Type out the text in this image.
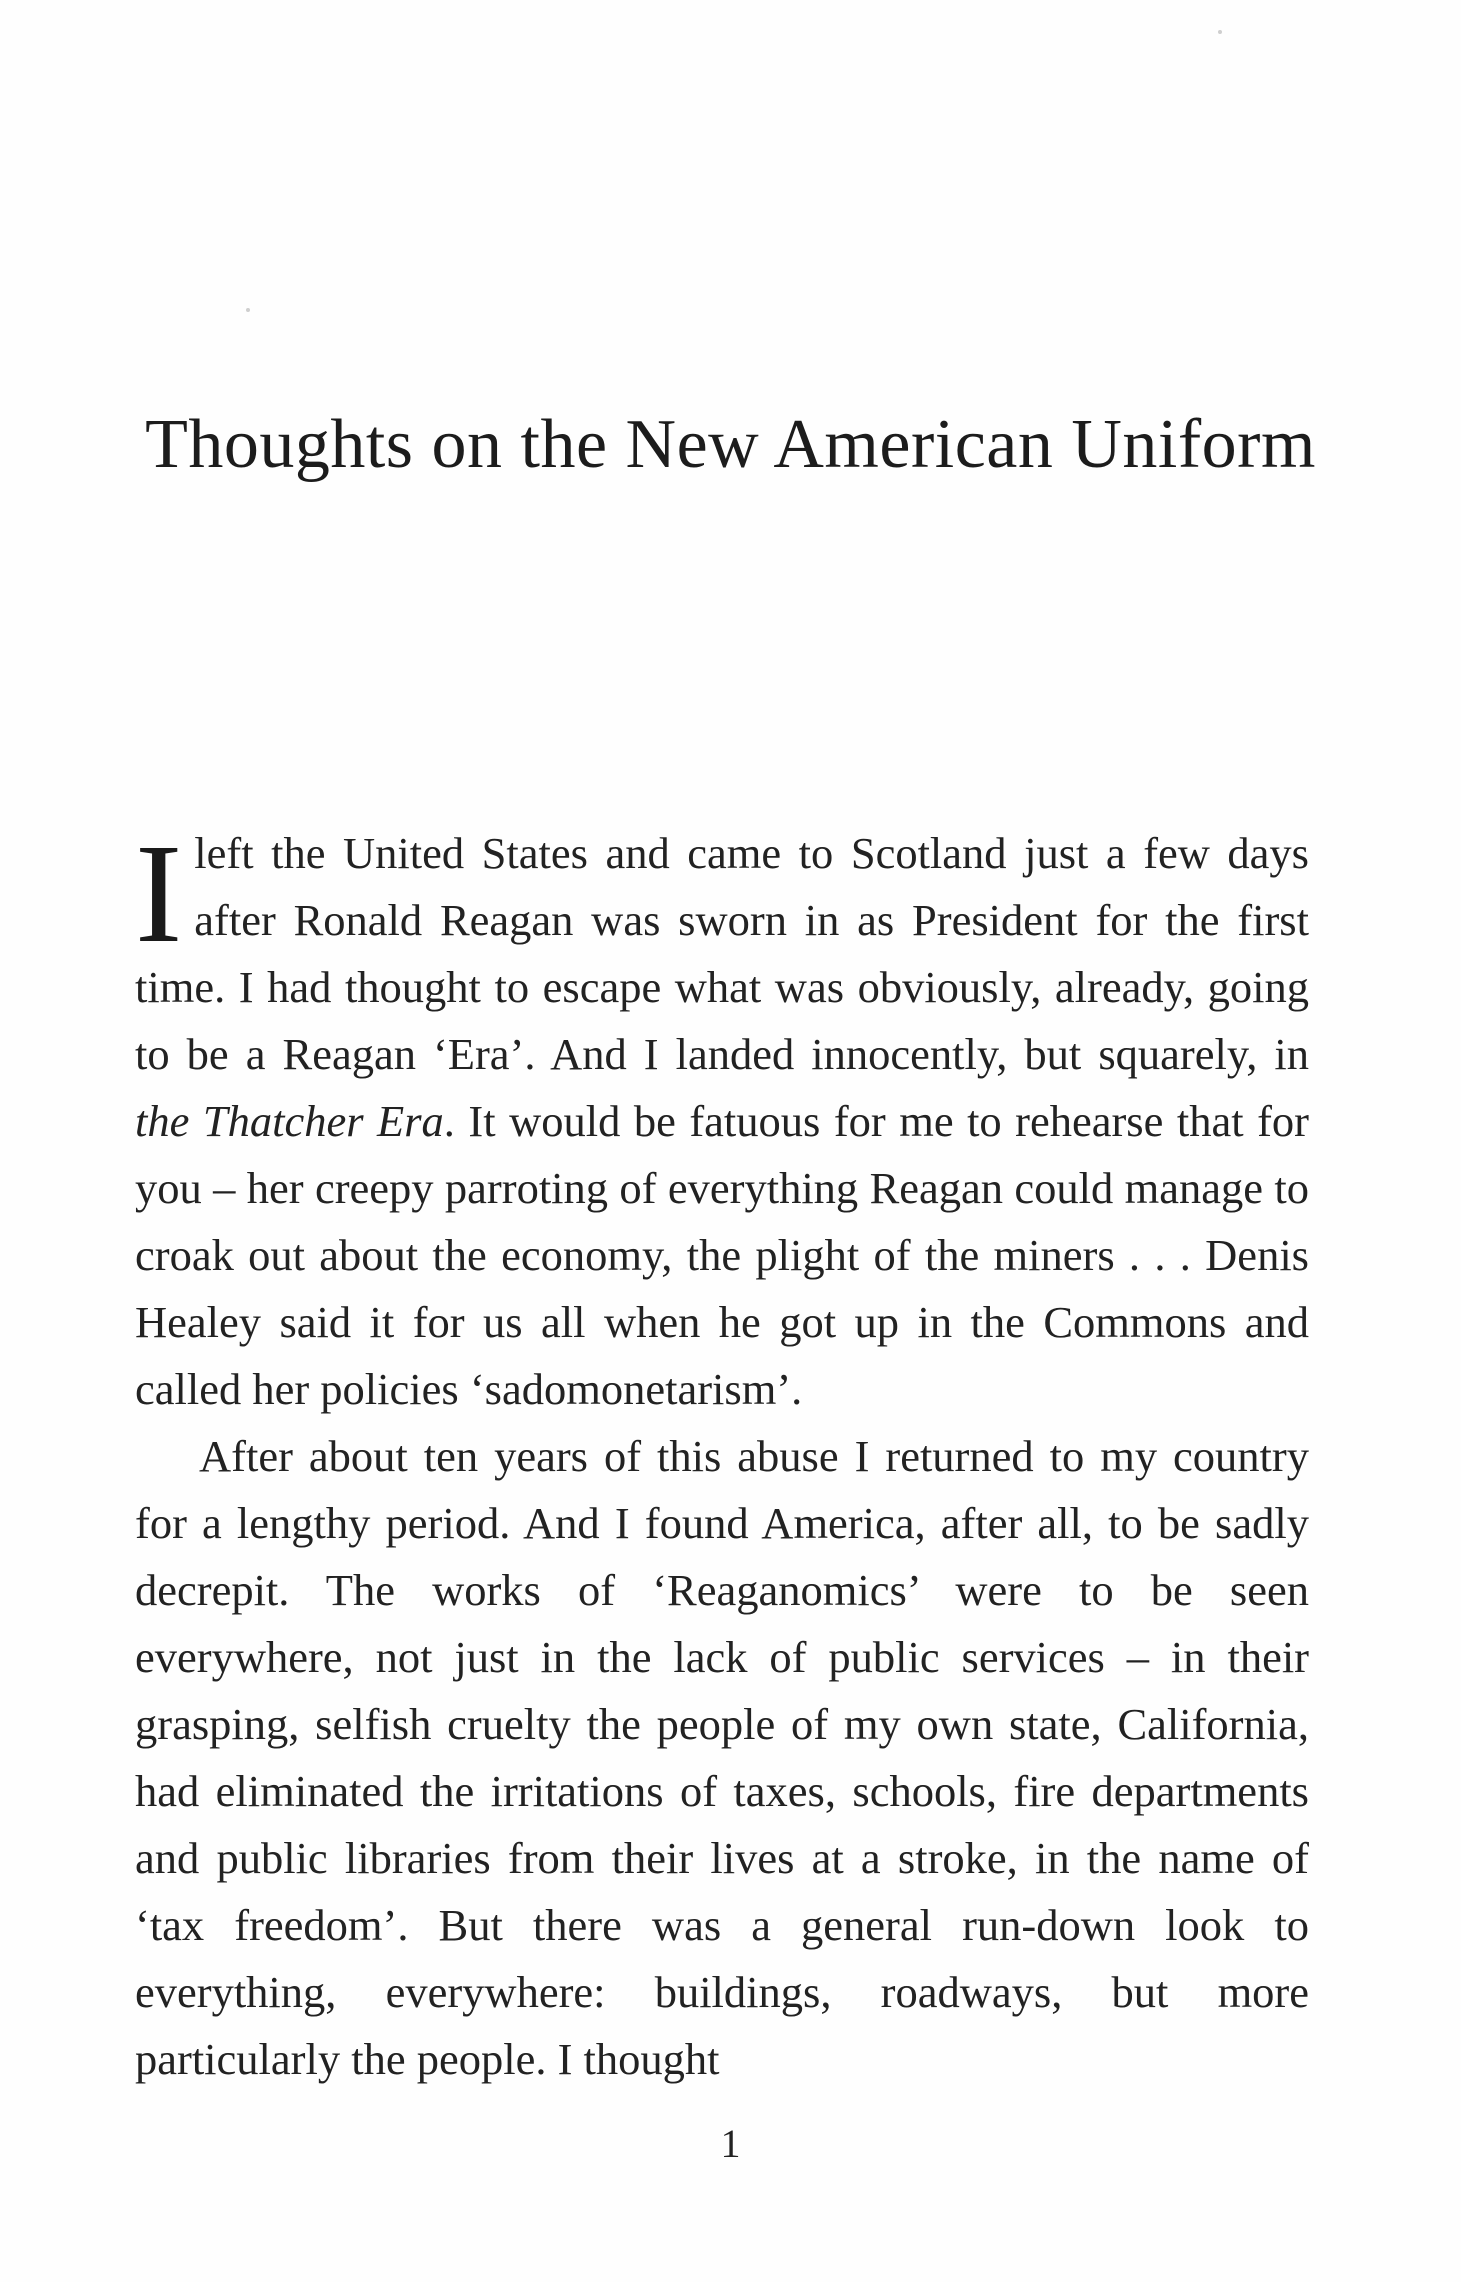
Thoughts on the New American Uniform

I left the United States and came to Scotland just a few days after Ronald Reagan was sworn in as President for the first time. I had thought to escape what was obviously, already, going to be a Reagan ‘Era’. And I landed innocently, but squarely, in the Thatcher Era. It would be fatuous for me to rehearse that for you – her creepy parroting of everything Reagan could manage to croak out about the economy, the plight of the miners . . . Denis Healey said it for us all when he got up in the Commons and called her policies ‘sadomonetarism’.

After about ten years of this abuse I returned to my country for a lengthy period. And I found America, after all, to be sadly decrepit. The works of ‘Reaganomics’ were to be seen everywhere, not just in the lack of public services – in their grasping, selfish cruelty the people of my own state, California, had eliminated the irritations of taxes, schools, fire departments and public libraries from their lives at a stroke, in the name of ‘tax freedom’. But there was a general run-down look to everything, everywhere: buildings, roadways, but more particularly the people. I thought

1
